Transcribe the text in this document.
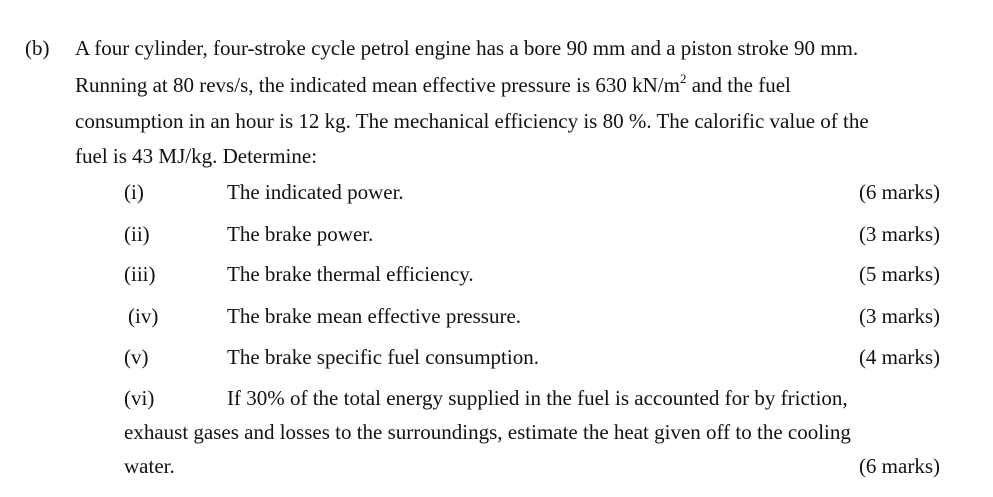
(b) A four cylinder, four-stroke cycle petrol engine has a bore 90 mm and a piston stroke 90 mm.
Running at 80 revs/s, the indicated mean effective pressure is 630 $kN/m^2$ and the fuel
consumption in an hour is 12 kg. The mechanical efficiency is 80 %. The calorific value of the
fuel is 43 MJ/kg. Determine:
(i)	The indicated power.	(6 marks)
(ii)	The brake power.	(3 marks)
(iii)	The brake thermal efficiency.	(5 marks)
(iv)	The brake mean effective pressure.	(3 marks)
(v)	The brake specific fuel consumption.	(4 marks)
(vi)	If 30% of the total energy supplied in the fuel is accounted for by friction,
exhaust gases and losses to the surroundings, estimate the heat given off to the cooling
water.	(6 marks)
